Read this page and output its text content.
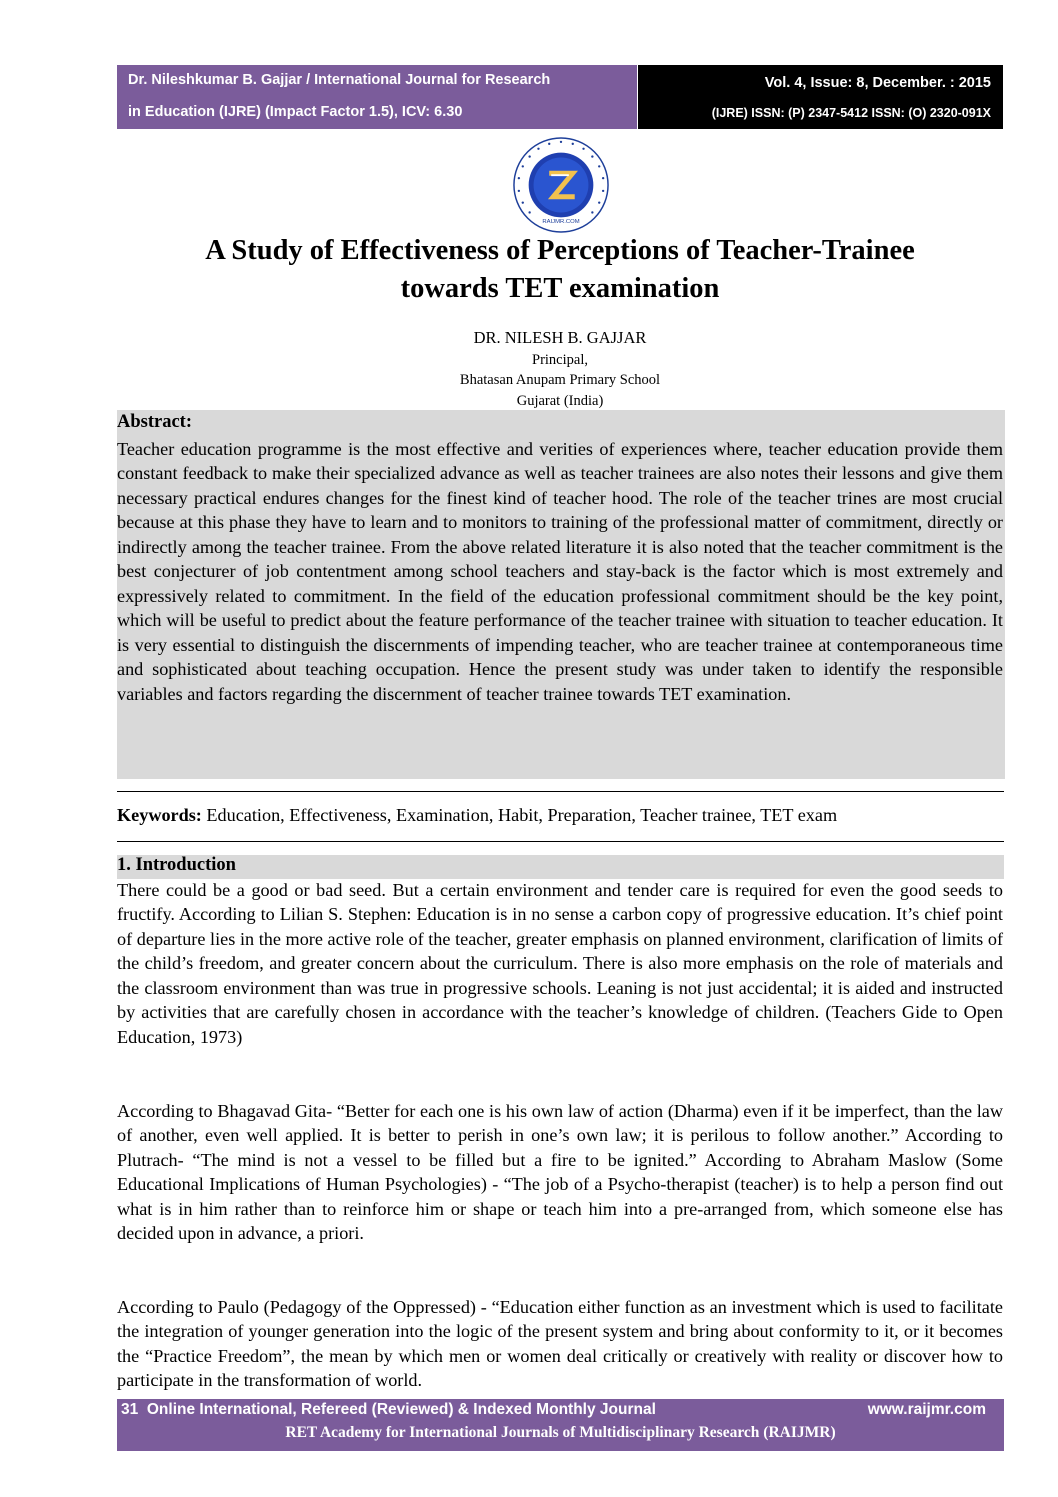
Dr. Nileshkumar B. Gajjar / International Journal for Research
in Education (IJRE) (Impact Factor 1.5), ICV: 6.30
Vol. 4, Issue: 8, December. : 2015
(IJRE) ISSN: (P) 2347-5412 ISSN: (O) 2320-091X
RAIJMR.COM
A Study of Effectiveness of Perceptions of Teacher-Trainee
towards TET examination
DR. NILESH B. GAJJAR
Principal,
Bhatasan Anupam Primary School
Gujarat (India)
Abstract:
Teacher education programme is the most effective and verities of experiences where, teacher education provide them constant feedback to make their specialized advance as well as teacher trainees are also notes their lessons and give them necessary practical endures changes for the finest kind of teacher hood. The role of the teacher trines are most crucial because at this phase they have to learn and to monitors to training of the professional matter of commitment, directly or indirectly among the teacher trainee. From the above related literature it is also noted that the teacher commitment is the best conjecturer of job contentment among school teachers and stay-back is the factor which is most extremely and expressively related to commitment. In the field of the education professional commitment should be the key point, which will be useful to predict about the feature performance of the teacher trainee with situation to teacher education. It is very essential to distinguish the discernments of impending teacher, who are teacher trainee at contemporaneous time and sophisticated about teaching occupation. Hence the present study was under taken to identify the responsible variables and factors regarding the discernment of teacher trainee towards TET examination.
Keywords: Education, Effectiveness, Examination, Habit, Preparation, Teacher trainee, TET exam
1. Introduction
There could be a good or bad seed. But a certain environment and tender care is required for even the good seeds to fructify. According to Lilian S. Stephen: Education is in no sense a carbon copy of progressive education. It’s chief point of departure lies in the more active role of the teacher, greater emphasis on planned environment, clarification of limits of the child’s freedom, and greater concern about the curriculum. There is also more emphasis on the role of materials and the classroom environment than was true in progressive schools. Leaning is not just accidental; it is aided and instructed by activities that are carefully chosen in accordance with the teacher’s knowledge of children. (Teachers Gide to Open Education, 1973)
According to Bhagavad Gita- “Better for each one is his own law of action (Dharma) even if it be imperfect, than the law of another, even well applied. It is better to perish in one’s own law; it is perilous to follow another.” According to Plutrach- “The mind is not a vessel to be filled but a fire to be ignited.” According to Abraham Maslow (Some Educational Implications of Human Psychologies) - “The job of a Psycho-therapist (teacher) is to help a person find out what is in him rather than to reinforce him or shape or teach him into a pre-arranged from, which someone else has decided upon in advance, a priori.
According to Paulo (Pedagogy of the Oppressed) - “Education either function as an investment which is used to facilitate the integration of younger generation into the logic of the present system and bring about conformity to it, or it becomes the “Practice Freedom”, the mean by which men or women deal critically or creatively with reality or discover how to participate in the transformation of world.
31 Online International, Refereed (Reviewed) & Indexed Monthly Journal	www.raijmr.com
RET Academy for International Journals of Multidisciplinary Research (RAIJMR)
